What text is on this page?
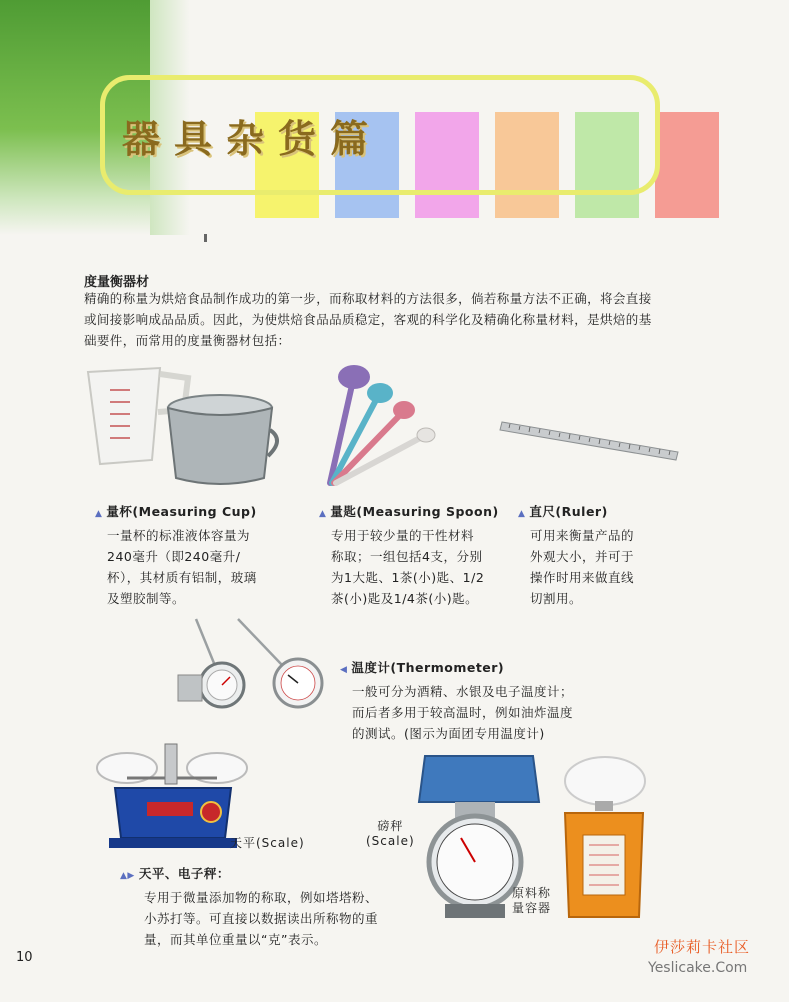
器具杂货篇
度量衡器材
精确的称量为烘焙食品制作成功的第一步，而称取材料的方法很多，倘若称量方法不正确，将会直接或间接影响成品品质。因此，为使烘焙食品品质稳定，客观的科学化及精确化称量材料，是烘焙的基础要件，而常用的度量衡器材包括：
▲ 量杯(Measuring Cup)
一量杯的标准液体容量为
240毫升（即240毫升/
杯），其材质有铝制，玻璃
及塑胶制等。
▲ 量匙(Measuring Spoon)
专用于较少量的干性材料
称取；一组包括4支，分别
为1大匙、1茶(小)匙、1/2
茶(小)匙及1/4茶(小)匙。
▲ 直尺(Ruler)
可用来衡量产品的
外观大小，并可于
操作时用来做直线
切割用。
◀ 温度计(Thermometer)
一般可分为酒精、水银及电子温度计；
而后者多用于较高温时，例如油炸温度
的测试。(图示为面团专用温度计)
天平(Scale)
磅秤
(Scale)
原料称
量容器
▲▶ 天平、电子秤：
专用于微量添加物的称取，例如塔塔粉、
小苏打等。可直接以数据读出所称物的重
量，而其单位重量以“克”表示。
10
伊莎莉卡社区
Yeslicake.Com
